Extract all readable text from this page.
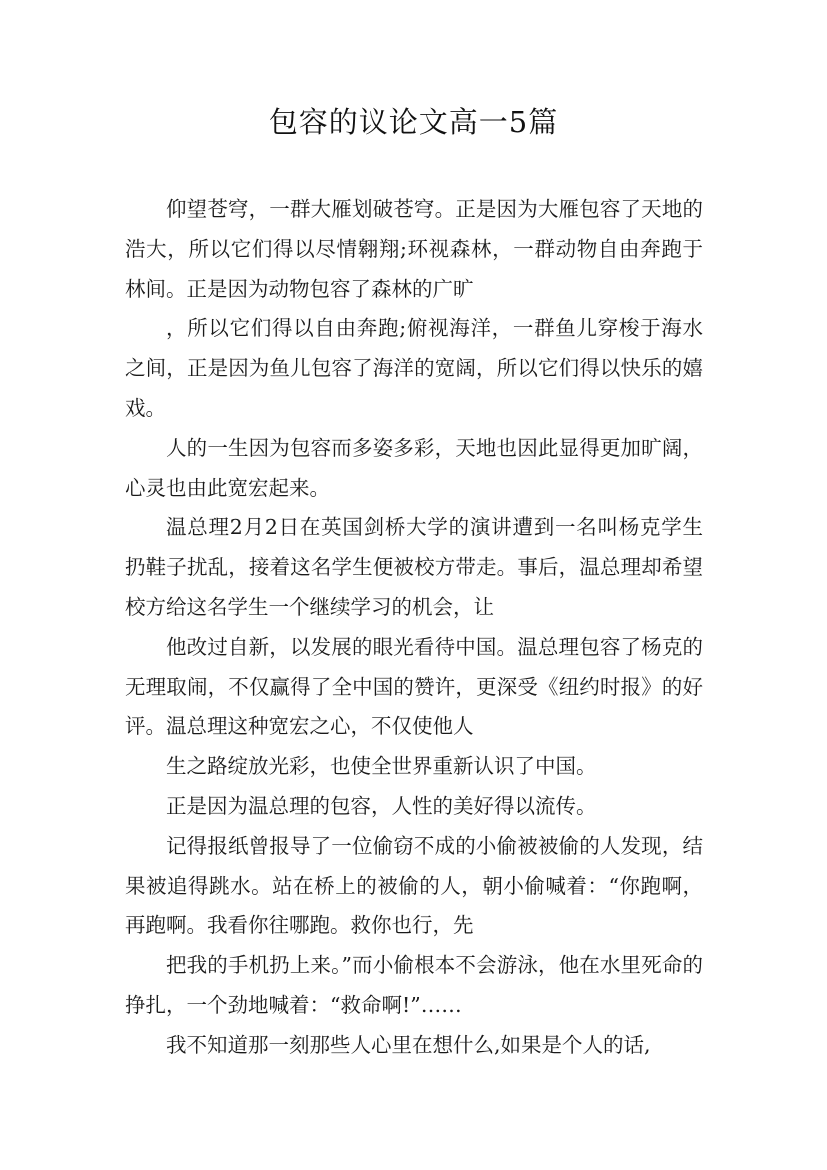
包容的议论文高一5篇

仰望苍穹，一群大雁划破苍穹。正是因为大雁包容了天地的浩大，所以它们得以尽情翱翔;环视森林，一群动物自由奔跑于林间。正是因为动物包容了森林的广旷

，所以它们得以自由奔跑;俯视海洋，一群鱼儿穿梭于海水之间，正是因为鱼儿包容了海洋的宽阔，所以它们得以快乐的嬉戏。

人的一生因为包容而多姿多彩，天地也因此显得更加旷阔，心灵也由此宽宏起来。

温总理2月2日在英国剑桥大学的演讲遭到一名叫杨克学生扔鞋子扰乱，接着这名学生便被校方带走。事后，温总理却希望校方给这名学生一个继续学习的机会，让

他改过自新，以发展的眼光看待中国。温总理包容了杨克的无理取闹，不仅赢得了全中国的赞许，更深受《纽约时报》的好评。温总理这种宽宏之心，不仅使他人

生之路绽放光彩，也使全世界重新认识了中国。

正是因为温总理的包容，人性的美好得以流传。

记得报纸曾报导了一位偷窃不成的小偷被被偷的人发现，结果被追得跳水。站在桥上的被偷的人，朝小偷喊着：“你跑啊，再跑啊。我看你往哪跑。救你也行，先

把我的手机扔上来。”而小偷根本不会游泳，他在水里死命的挣扎，一个劲地喊着：“救命啊!”……

我不知道那一刻那些人心里在想什么,如果是个人的话,
